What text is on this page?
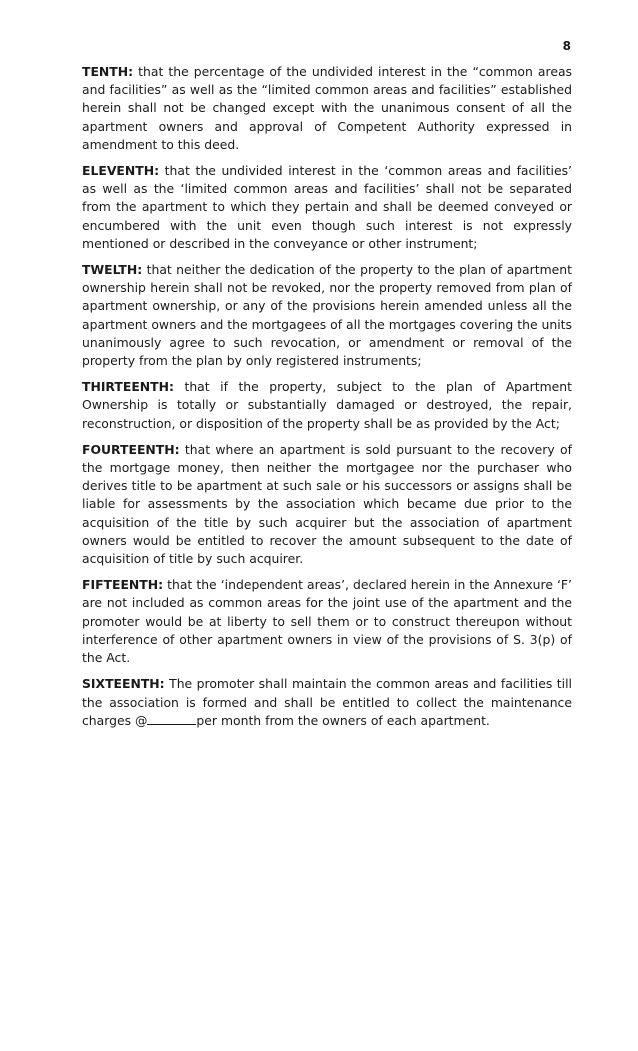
8

TENTH: that the percentage of the undivided interest in the “common areas and facilities” as well as the “limited common areas and facilities” established herein shall not be changed except with the unanimous consent of all the apartment owners and approval of Competent Authority expressed in amendment to this deed.

ELEVENTH: that the undivided interest in the ‘common areas and facilities’ as well as the ‘limited common areas and facilities’ shall not be separated from the apartment to which they pertain and shall be deemed conveyed or encumbered with the unit even though such interest is not expressly mentioned or described in the conveyance or other instrument;

TWELTH: that neither the dedication of the property to the plan of apartment ownership herein shall not be revoked, nor the property removed from plan of apartment ownership, or any of the provisions herein amended unless all the apartment owners and the mortgagees of all the mortgages covering the units unanimously agree to such revocation, or amendment or removal of the property from the plan by only registered instruments;

THIRTEENTH: that if the property, subject to the plan of Apartment Ownership is totally or substantially damaged or destroyed, the repair, reconstruction, or disposition of the property shall be as provided by the Act;

FOURTEENTH: that where an apartment is sold pursuant to the recovery of the mortgage money, then neither the mortgagee nor the purchaser who derives title to be apartment at such sale or his successors or assigns shall be liable for assessments by the association which became due prior to the acquisition of the title by such acquirer but the association of apartment owners would be entitled to recover the amount subsequent to the date of acquisition of title by such acquirer.

FIFTEENTH: that the ‘independent areas’, declared herein in the Annexure ‘F’ are not included as common areas for the joint use of the apartment and the promoter would be at liberty to sell them or to construct thereupon without interference of other apartment owners in view of the provisions of S. 3(p) of the Act.

SIXTEENTH: The promoter shall maintain the common areas and facilities till the association is formed and shall be entitled to collect the maintenance charges @	per month from the owners of each apartment.
